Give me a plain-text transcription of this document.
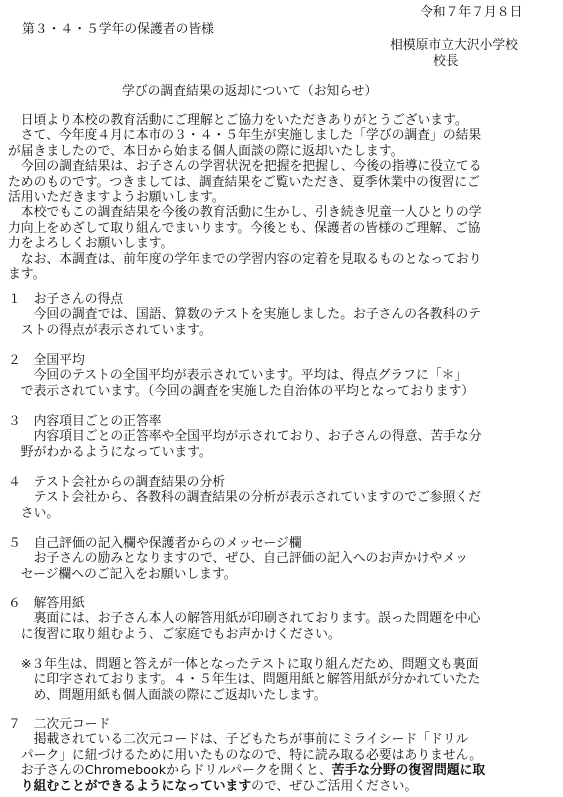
令和７年７月８日
第３・４・５学年の保護者の皆様
相模原市立大沢小学校
校長
学びの調査結果の返却について（お知らせ）
　日頃より本校の教育活動にご理解とご協力をいただきありがとうございます。
　さて、今年度４月に本市の３・４・５年生が実施しました「学びの調査」の結果
が届きましたので、本日から始まる個人面談の際に返却いたします。
　今回の調査結果は、お子さんの学習状況を把握を把握し、今後の指導に役立てる
ためのものです。つきましては、調査結果をご覧いただき、夏季休業中の復習にご
活用いただきますようお願いします。
　本校でもこの調査結果を今後の教育活動に生かし、引き続き児童一人ひとりの学
力向上をめざして取り組んでまいります。今後とも、保護者の皆様のご理解、ご協
力をよろしくお願いします。
　なお、本調査は、前年度の学年までの学習内容の定着を見取るものとなっており
ます。
１　お子さんの得点
　　今回の調査では、国語、算数のテストを実施しました。お子さんの各教科のテ
　ストの得点が表示されています。
２　全国平均
　　今回のテストの全国平均が表示されています。平均は、得点グラフに「＊」
　で表示されています。（今回の調査を実施した自治体の平均となっております）
３　内容項目ごとの正答率
　　内容項目ごとの正答率や全国平均が示されており、お子さんの得意、苦手な分
　野がわかるようになっています。
４　テスト会社からの調査結果の分析
　　テスト会社から、各教科の調査結果の分析が表示されていますのでご参照くだ
　さい。
５　自己評価の記入欄や保護者からのメッセージ欄
　　お子さんの励みとなりますので、ぜひ、自己評価の記入へのお声かけやメッ
　セージ欄へのご記入をお願いします。
６　解答用紙
　　裏面には、お子さん本人の解答用紙が印刷されております。誤った問題を中心
　に復習に取り組むよう、ご家庭でもお声かけください。
　※３年生は、問題と答えが一体となったテストに取り組んだため、問題文も裏面
　　に印字されております。４・５年生は、問題用紙と解答用紙が分かれていたた
　　め、問題用紙も個人面談の際にご返却いたします。
７　二次元コード
　　掲載されている二次元コードは、子どもたちが事前にミライシード「ドリル
　パーク」に紐づけるために用いたものなので、特に読み取る必要はありません。
　お子さんのChromebookからドリルパークを開くと、苦手な分野の復習問題に取
　り組むことができるようになっていますので、ぜひご活用ください。
